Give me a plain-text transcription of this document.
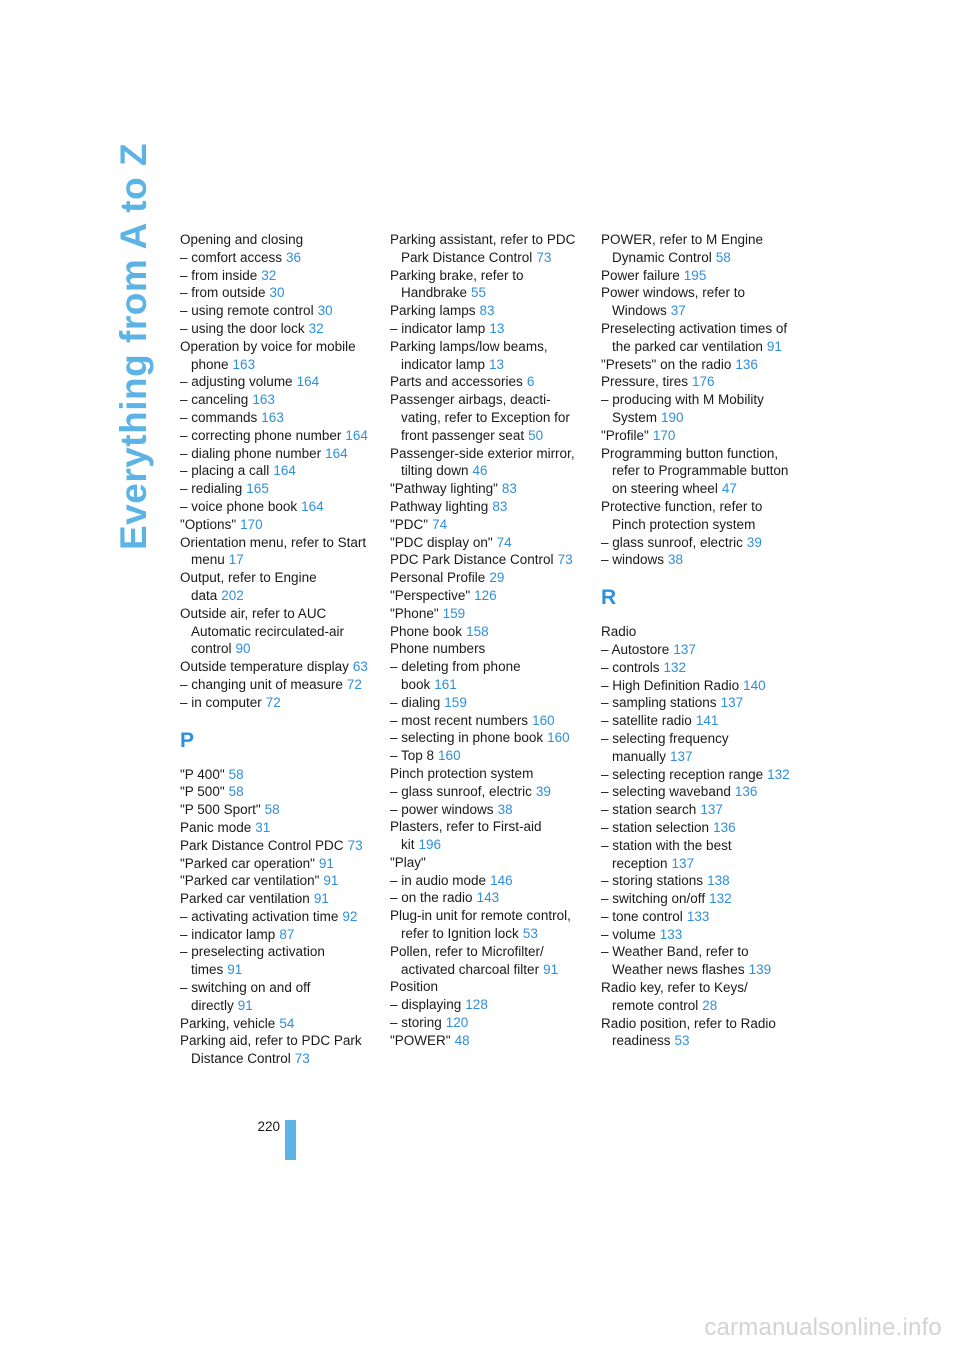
Everything from A to Z Opening and closing
– comfort access 36
– from inside 32
– from outside 30
– using remote control 30
– using the door lock 32
Operation by voice for mobile phone 163
– adjusting volume 164
– canceling 163
– commands 163
– correcting phone number 164
– dialing phone number 164
– placing a call 164
– redialing 165
– voice phone book 164
"Options" 170
Orientation menu, refer to Start menu 17
Output, refer to Engine data 202
Outside air, refer to AUC Automatic recirculated-air control 90
Outside temperature display 63
– changing unit of measure 72
– in computer 72
P
"P 400" 58
"P 500" 58
"P 500 Sport" 58
Panic mode 31
Park Distance Control PDC 73
"Parked car operation" 91
"Parked car ventilation" 91
Parked car ventilation 91
– activating activation time 92
– indicator lamp 87
– preselecting activation times 91
– switching on and off directly 91
Parking, vehicle 54
Parking aid, refer to PDC Park Distance Control 73
Parking assistant, refer to PDC Park Distance Control 73
Parking brake, refer to Handbrake 55
Parking lamps 83
– indicator lamp 13
Parking lamps/low beams, indicator lamp 13
Parts and accessories 6
Passenger airbags, deacti-vating, refer to Exception for front passenger seat 50
Passenger-side exterior mirror, tilting down 46
"Pathway lighting" 83
Pathway lighting 83
"PDC" 74
"PDC display on" 74
PDC Park Distance Control 73
Personal Profile 29
"Perspective" 126
"Phone" 159
Phone book 158
Phone numbers
– deleting from phone book 161
– dialing 159
– most recent numbers 160
– selecting in phone book 160
– Top 8 160
Pinch protection system
– glass sunroof, electric 39
– power windows 38
Plasters, refer to First-aid kit 196
"Play"
– in audio mode 146
– on the radio 143
Plug-in unit for remote control, refer to Ignition lock 53
Pollen, refer to Microfilter/ activated charcoal filter 91
Position
– displaying 128
– storing 120
"POWER" 48
POWER, refer to M Engine Dynamic Control 58
Power failure 195
Power windows, refer to Windows 37
Preselecting activation times of the parked car ventilation 91
"Presets" on the radio 136
Pressure, tires 176
– producing with M Mobility System 190
"Profile" 170
Programming button function, refer to Programmable button on steering wheel 47
Protective function, refer to Pinch protection system
– glass sunroof, electric 39
– windows 38
R
Radio
– Autostore 137
– controls 132
– High Definition Radio 140
– sampling stations 137
– satellite radio 141
– selecting frequency manually 137
– selecting reception range 132
– selecting waveband 136
– station search 137
– station selection 136
– station with the best reception 137
– storing stations 138
– switching on/off 132
– tone control 133
– volume 133
– Weather Band, refer to Weather news flashes 139
Radio key, refer to Keys/ remote control 28
Radio position, refer to Radio readiness 53
220
carmanualsonline.info
